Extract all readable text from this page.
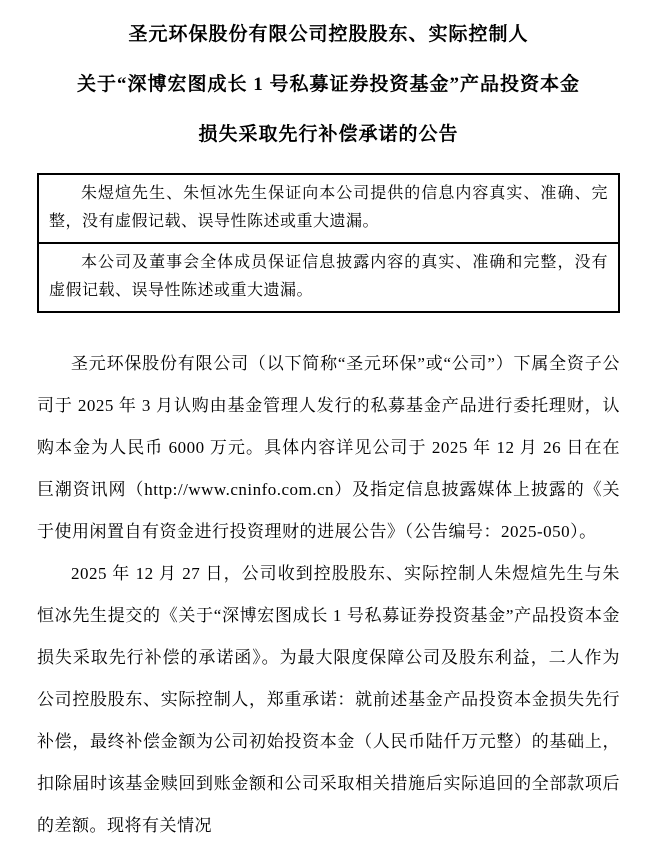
圣元环保股份有限公司控股股东、实际控制人
关于“深博宏图成长 1 号私募证券投资基金”产品投资本金
损失采取先行补偿承诺的公告

朱煜煊先生、朱恒冰先生保证向本公司提供的信息内容真实、准确、完整，没有虚假记载、误导性陈述或重大遗漏。

本公司及董事会全体成员保证信息披露内容的真实、准确和完整，没有虚假记载、误导性陈述或重大遗漏。

圣元环保股份有限公司（以下简称“圣元环保”或“公司”）下属全资子公司于 2025 年 3 月认购由基金管理人发行的私募基金产品进行委托理财，认购本金为人民币 6000 万元。具体内容详见公司于 2025 年 12 月 26 日在在巨潮资讯网（http://www.cninfo.com.cn）及指定信息披露媒体上披露的《关于使用闲置自有资金进行投资理财的进展公告》（公告编号：2025-050）。

2025 年 12 月 27 日，公司收到控股股东、实际控制人朱煜煊先生与朱恒冰先生提交的《关于“深博宏图成长 1 号私募证券投资基金”产品投资本金损失采取先行补偿的承诺函》。为最大限度保障公司及股东利益，二人作为公司控股股东、实际控制人，郑重承诺：就前述基金产品投资本金损失先行补偿，最终补偿金额为公司初始投资本金（人民币陆仟万元整）的基础上，扣除届时该基金赎回到账金额和公司采取相关措施后实际追回的全部款项后的差额。现将有关情况
